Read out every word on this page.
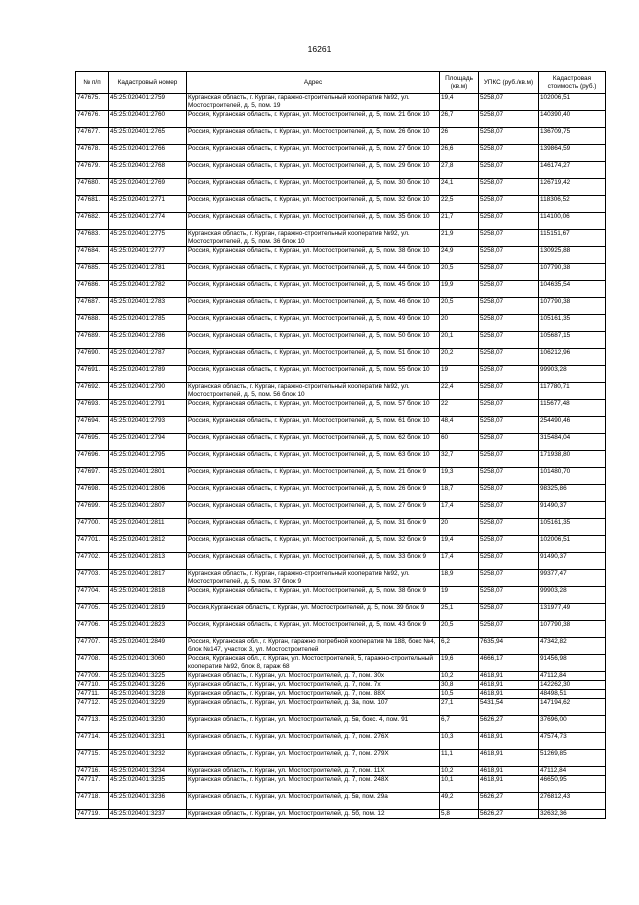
16261
№ п/п	Кадастровый номер	Адрес	Площадь (кв.м)	УПКС (руб./кв.м)	Кадастровая стоимость (руб.)
747675.	45:25:020401:2759	Курганская область, г. Курган, гаражно-строительный кооператив №92, ул. Мостостроителей, д. 5, пом. 19	19,4	5258,07	102006,51
747676.	45:25:020401:2760	Россия, Курганская область, г. Курган, ул. Мостостроителей, д. 5, пом. 21 блок 10	26,7	5258,07	140390,40
747677.	45:25:020401:2765	Россия, Курганская область, г. Курган, ул. Мостостроителей, д. 5, пом. 26 блок 10	26	5258,07	136709,75
747678.	45:25:020401:2766	Россия, Курганская область, г. Курган, ул. Мостостроителей, д. 5, пом. 27 блок 10	26,6	5258,07	139864,59
747679.	45:25:020401:2768	Россия, Курганская область, г. Курган, ул. Мостостроителей, д. 5, пом. 29 блок 10	27,8	5258,07	146174,27
747680.	45:25:020401:2769	Россия, Курганская область, г. Курган, ул. Мостостроителей, д. 5, пом. 30 блок 10	24,1	5258,07	126719,42
747681.	45:25:020401:2771	Россия, Курганская область, г. Курган, ул. Мостостроителей, д. 5, пом. 32 блок 10	22,5	5258,07	118306,52
747682.	45:25:020401:2774	Россия, Курганская область, г. Курган, ул. Мостостроителей, д. 5, пом. 35 блок 10	21,7	5258,07	114100,06
747683.	45:25:020401:2775	Курганская область, г. Курган, гаражно-строительный кооператив №92, ул. Мостостроителей, д. 5, пом. 36 блок 10	21,9	5258,07	115151,67
747684.	45:25:020401:2777	Россия, Курганская область, г. Курган, ул. Мостостроителей, д. 5, пом. 38 блок 10	24,9	5258,07	130925,88
747685.	45:25:020401:2781	Россия, Курганская область, г. Курган, ул. Мостостроителей, д. 5, пом. 44 блок 10	20,5	5258,07	107790,38
747686.	45:25:020401:2782	Россия, Курганская область, г. Курган, ул. Мостостроителей, д. 5, пом. 45 блок 10	19,9	5258,07	104635,54
747687.	45:25:020401:2783	Россия, Курганская область, г. Курган, ул. Мостостроителей, д. 5, пом. 46 блок 10	20,5	5258,07	107790,38
747688.	45:25:020401:2785	Россия, Курганская область, г. Курган, ул. Мостостроителей, д. 5, пом. 49 блок 10	20	5258,07	105161,35
747689.	45:25:020401:2786	Россия, Курганская область, г. Курган, ул. Мостостроителей, д. 5, пом. 50 блок 10	20,1	5258,07	105687,15
747690.	45:25:020401:2787	Россия, Курганская область, г. Курган, ул. Мостостроителей, д. 5, пом. 51 блок 10	20,2	5258,07	106212,96
747691.	45:25:020401:2789	Россия, Курганская область, г. Курган, ул. Мостостроителей, д. 5, пом. 55 блок 10	19	5258,07	99903,28
747692.	45:25:020401:2790	Курганская область, г. Курган, гаражно-строительный кооператив №92, ул. Мостостроителей, д. 5, пом. 56 блок 10	22,4	5258,07	117780,71
747693.	45:25:020401:2791	Россия, Курганская область, г. Курган, ул. Мостостроителей, д. 5, пом. 57 блок 10	22	5258,07	115677,48
747694.	45:25:020401:2793	Россия, Курганская область, г. Курган, ул. Мостостроителей, д. 5, пом. 61 блок 10	48,4	5258,07	254490,46
747695.	45:25:020401:2794	Россия, Курганская область, г. Курган, ул. Мостостроителей, д. 5, пом. 62 блок 10	60	5258,07	315484,04
747696.	45:25:020401:2795	Россия, Курганская область, г. Курган, ул. Мостостроителей, д. 5, пом. 63 блок 10	32,7	5258,07	171938,80
747697.	45:25:020401:2801	Россия, Курганская область, г. Курган, ул. Мостостроителей, д. 5, пом. 21 блок 9	19,3	5258,07	101480,70
747698.	45:25:020401:2806	Россия, Курганская область, г. Курган, ул. Мостостроителей, д. 5, пом. 26 блок 9	18,7	5258,07	98325,86
747699.	45:25:020401:2807	Россия, Курганская область, г. Курган, ул. Мостостроителей, д. 5, пом. 27 блок 9	17,4	5258,07	91490,37
747700.	45:25:020401:2811	Россия, Курганская область, г. Курган, ул. Мостостроителей, д. 5, пом. 31 блок 9	20	5258,07	105161,35
747701.	45:25:020401:2812	Россия, Курганская область, г. Курган, ул. Мостостроителей, д. 5, пом. 32 блок 9	19,4	5258,07	102006,51
747702.	45:25:020401:2813	Россия, Курганская область, г. Курган, ул. Мостостроителей, д. 5, пом. 33 блок 9	17,4	5258,07	91490,37
747703.	45:25:020401:2817	Курганская область, г. Курган, гаражно-строительный кооператив №92, ул. Мостостроителей, д. 5, пом. 37 блок 9	18,9	5258,07	99377,47
747704.	45:25:020401:2818	Россия, Курганская область, г. Курган, ул. Мостостроителей, д. 5, пом. 38 блок 9	19	5258,07	99903,28
747705.	45:25:020401:2819	Россия,Курганская область, г. Курган, ул. Мостостроителей, д. 5, пом. 39 блок 9	25,1	5258,07	131977,49
747706.	45:25:020401:2823	Россия, Курганская область, г. Курган, ул. Мостостроителей, д. 5, пом. 43 блок 9	20,5	5258,07	107790,38
747707.	45:25:020401:2849	Россия, Курганская обл., г. Курган, гаражно погребной кооператив № 188, бокс №4, блок №147, участок 3, ул. Мостостроителей	6,2	7635,94	47342,82
747708.	45:25:020401:3060	Россия, Курганская обл., г. Курган, ул. Мостостроителей, 5, гаражно-строительный кооператив №92, блок 8, гараж 68	19,6	4666,17	91456,98
747709.	45:25:020401:3225	Курганская область, г. Курган, ул. Мостостроителей, д. 7, пом. 30х	10,2	4618,91	47112,84
747710.	45:25:020401:3226	Курганская область, г. Курган, ул. Мостостроителей, д. 7, пом. 7х	30,8	4618,91	142262,30
747711.	45:25:020401:3228	Курганская область, г. Курган, ул. Мостостроителей, д. 7, пом. 88Х	10,5	4618,91	48498,51
747712.	45:25:020401:3229	Курганская область, г. Курган, ул. Мостостроителей, д. 3а, пом. 107	27,1	5431,54	147194,62
747713.	45:25:020401:3230	Курганская область, г. Курган, ул. Мостостроителей, д. 5в, бокс. 4, пом. 91	6,7	5626,27	37696,00
747714.	45:25:020401:3231	Курганская область, г. Курган, ул. Мостостроителей, д. 7, пом. 276Х	10,3	4618,91	47574,73
747715.	45:25:020401:3232	Курганская область, г. Курган, ул. Мостостроителей, д. 7, пом. 279Х	11,1	4618,91	51269,85
747716.	45:25:020401:3234	Курганская область, г. Курган, ул. Мостостроителей, д. 7, пом. 11Х	10,2	4618,91	47112,84
747717.	45:25:020401:3235	Курганская область, г. Курган, ул. Мостостроителей, д. 7, пом. 248Х	10,1	4618,91	46650,95
747718.	45:25:020401:3236	Курганская область, г. Курган, ул. Мостостроителей, д. 5в, пом. 29а	49,2	5626,27	276812,43
747719.	45:25:020401:3237	Курганская область, г. Курган, ул. Мостостроителей, д. 5б, пом. 12	5,8	5626,27	32632,36
